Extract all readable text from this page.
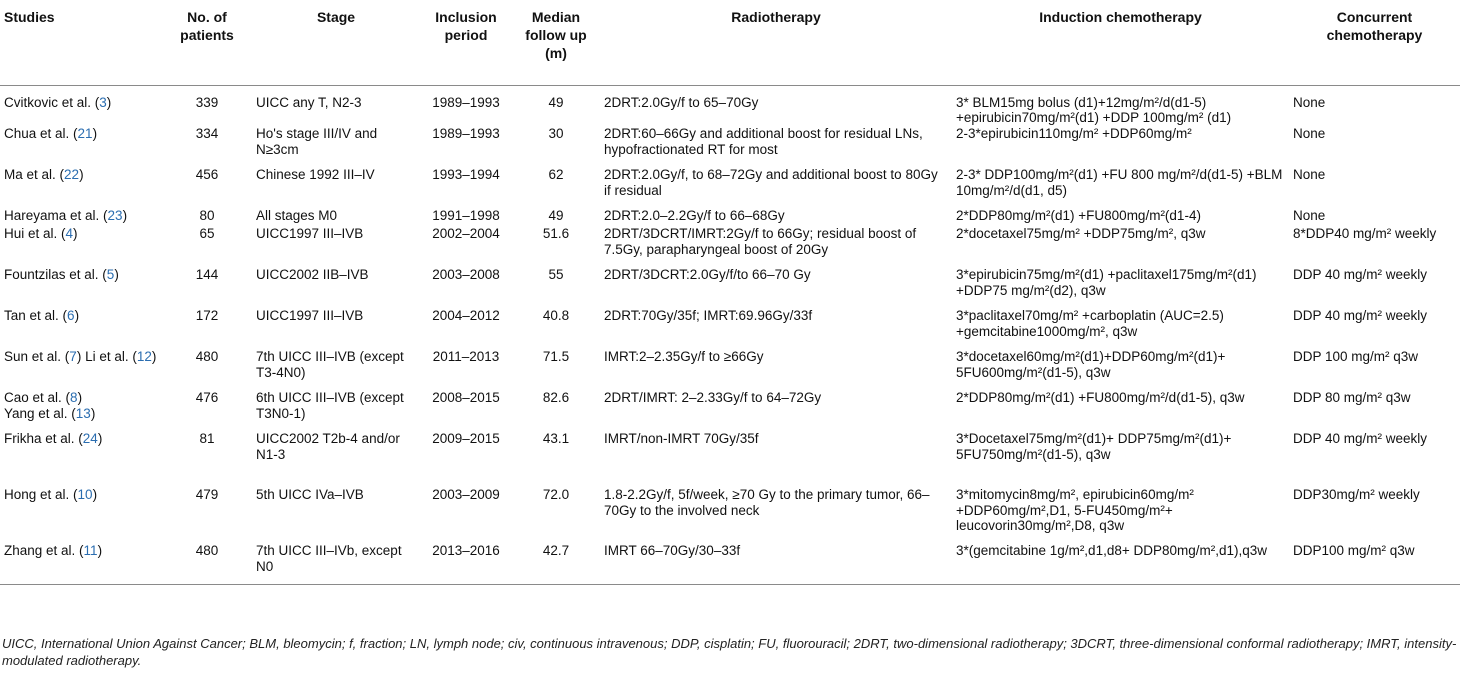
Studies	No. of patients	Stage	Inclusion period	Median follow up (m)	Radiotherapy	Induction chemotherapy	Concurrent chemotherapy
Cvitkovic et al. (3)	339	UICC any T, N2-3	1989–1993	49	2DRT:2.0Gy/f to 65–70Gy	3* BLM15mg bolus (d1)+12mg/m²/d(d1-5) +epirubicin70mg/m²(d1) +DDP 100mg/m² (d1)	None
Chua et al. (21)	334	Ho's stage III/IV and N≥3cm	1989–1993	30	2DRT:60–66Gy and additional boost for residual LNs, hypofractionated RT for most	2-3*epirubicin110mg/m² +DDP60mg/m²	None
Ma et al. (22)	456	Chinese 1992 III–IV	1993–1994	62	2DRT:2.0Gy/f, to 68–72Gy and additional boost to 80Gy if residual	2-3* DDP100mg/m²(d1) +FU 800 mg/m²/d(d1-5) +BLM 10mg/m²/d(d1, d5)	None
Hareyama et al. (23)	80	All stages M0	1991–1998	49	2DRT:2.0–2.2Gy/f to 66–68Gy	2*DDP80mg/m²(d1) +FU800mg/m²(d1-4)	None
Hui et al. (4)	65	UICC1997 III–IVB	2002–2004	51.6	2DRT/3DCRT/IMRT:2Gy/f to 66Gy; residual boost of 7.5Gy, parapharyngeal boost of 20Gy	2*docetaxel75mg/m² +DDP75mg/m², q3w	8*DDP40 mg/m² weekly
Fountzilas et al. (5)	144	UICC2002 IIB–IVB	2003–2008	55	2DRT/3DCRT:2.0Gy/f/to 66–70 Gy	3*epirubicin75mg/m²(d1) +paclitaxel175mg/m²(d1) +DDP75 mg/m²(d2), q3w	DDP 40 mg/m² weekly
Tan et al. (6)	172	UICC1997 III–IVB	2004–2012	40.8	2DRT:70Gy/35f; IMRT:69.96Gy/33f	3*paclitaxel70mg/m² +carboplatin (AUC=2.5) +gemcitabine1000mg/m², q3w	DDP 40 mg/m² weekly
Sun et al. (7) Li et al. (12)	480	7th UICC III–IVB (except T3-4N0)	2011–2013	71.5	IMRT:2–2.35Gy/f to ≥66Gy	3*docetaxel60mg/m²(d1)+DDP60mg/m²(d1)+ 5FU600mg/m²(d1-5), q3w	DDP 100 mg/m² q3w
Cao et al. (8)
Yang et al. (13)	476	6th UICC III–IVB (except T3N0-1)	2008–2015	82.6	2DRT/IMRT: 2–2.33Gy/f to 64–72Gy	2*DDP80mg/m²(d1) +FU800mg/m²/d(d1-5), q3w	DDP 80 mg/m² q3w
Frikha et al. (24)	81	UICC2002 T2b-4 and/or N1-3	2009–2015	43.1	IMRT/non-IMRT 70Gy/35f	3*Docetaxel75mg/m²(d1)+ DDP75mg/m²(d1)+ 5FU750mg/m²(d1-5), q3w	DDP 40 mg/m² weekly
Hong et al. (10)	479	5th UICC IVa–IVB	2003–2009	72.0	1.8-2.2Gy/f, 5f/week, ≥70 Gy to the primary tumor, 66–70Gy to the involved neck	3*mitomycin8mg/m², epirubicin60mg/m² +DDP60mg/m²,D1, 5-FU450mg/m²+ leucovorin30mg/m²,D8, q3w	DDP30mg/m² weekly
Zhang et al. (11)	480	7th UICC III–IVb, except N0	2013–2016	42.7	IMRT 66–70Gy/30–33f	3*(gemcitabine 1g/m²,d1,d8+ DDP80mg/m²,d1),q3w	DDP100 mg/m² q3w
UICC, International Union Against Cancer; BLM, bleomycin; f, fraction; LN, lymph node; civ, continuous intravenous; DDP, cisplatin; FU, fluorouracil; 2DRT, two-dimensional radiotherapy; 3DCRT, three-dimensional conformal radiotherapy; IMRT, intensity-modulated radiotherapy.
